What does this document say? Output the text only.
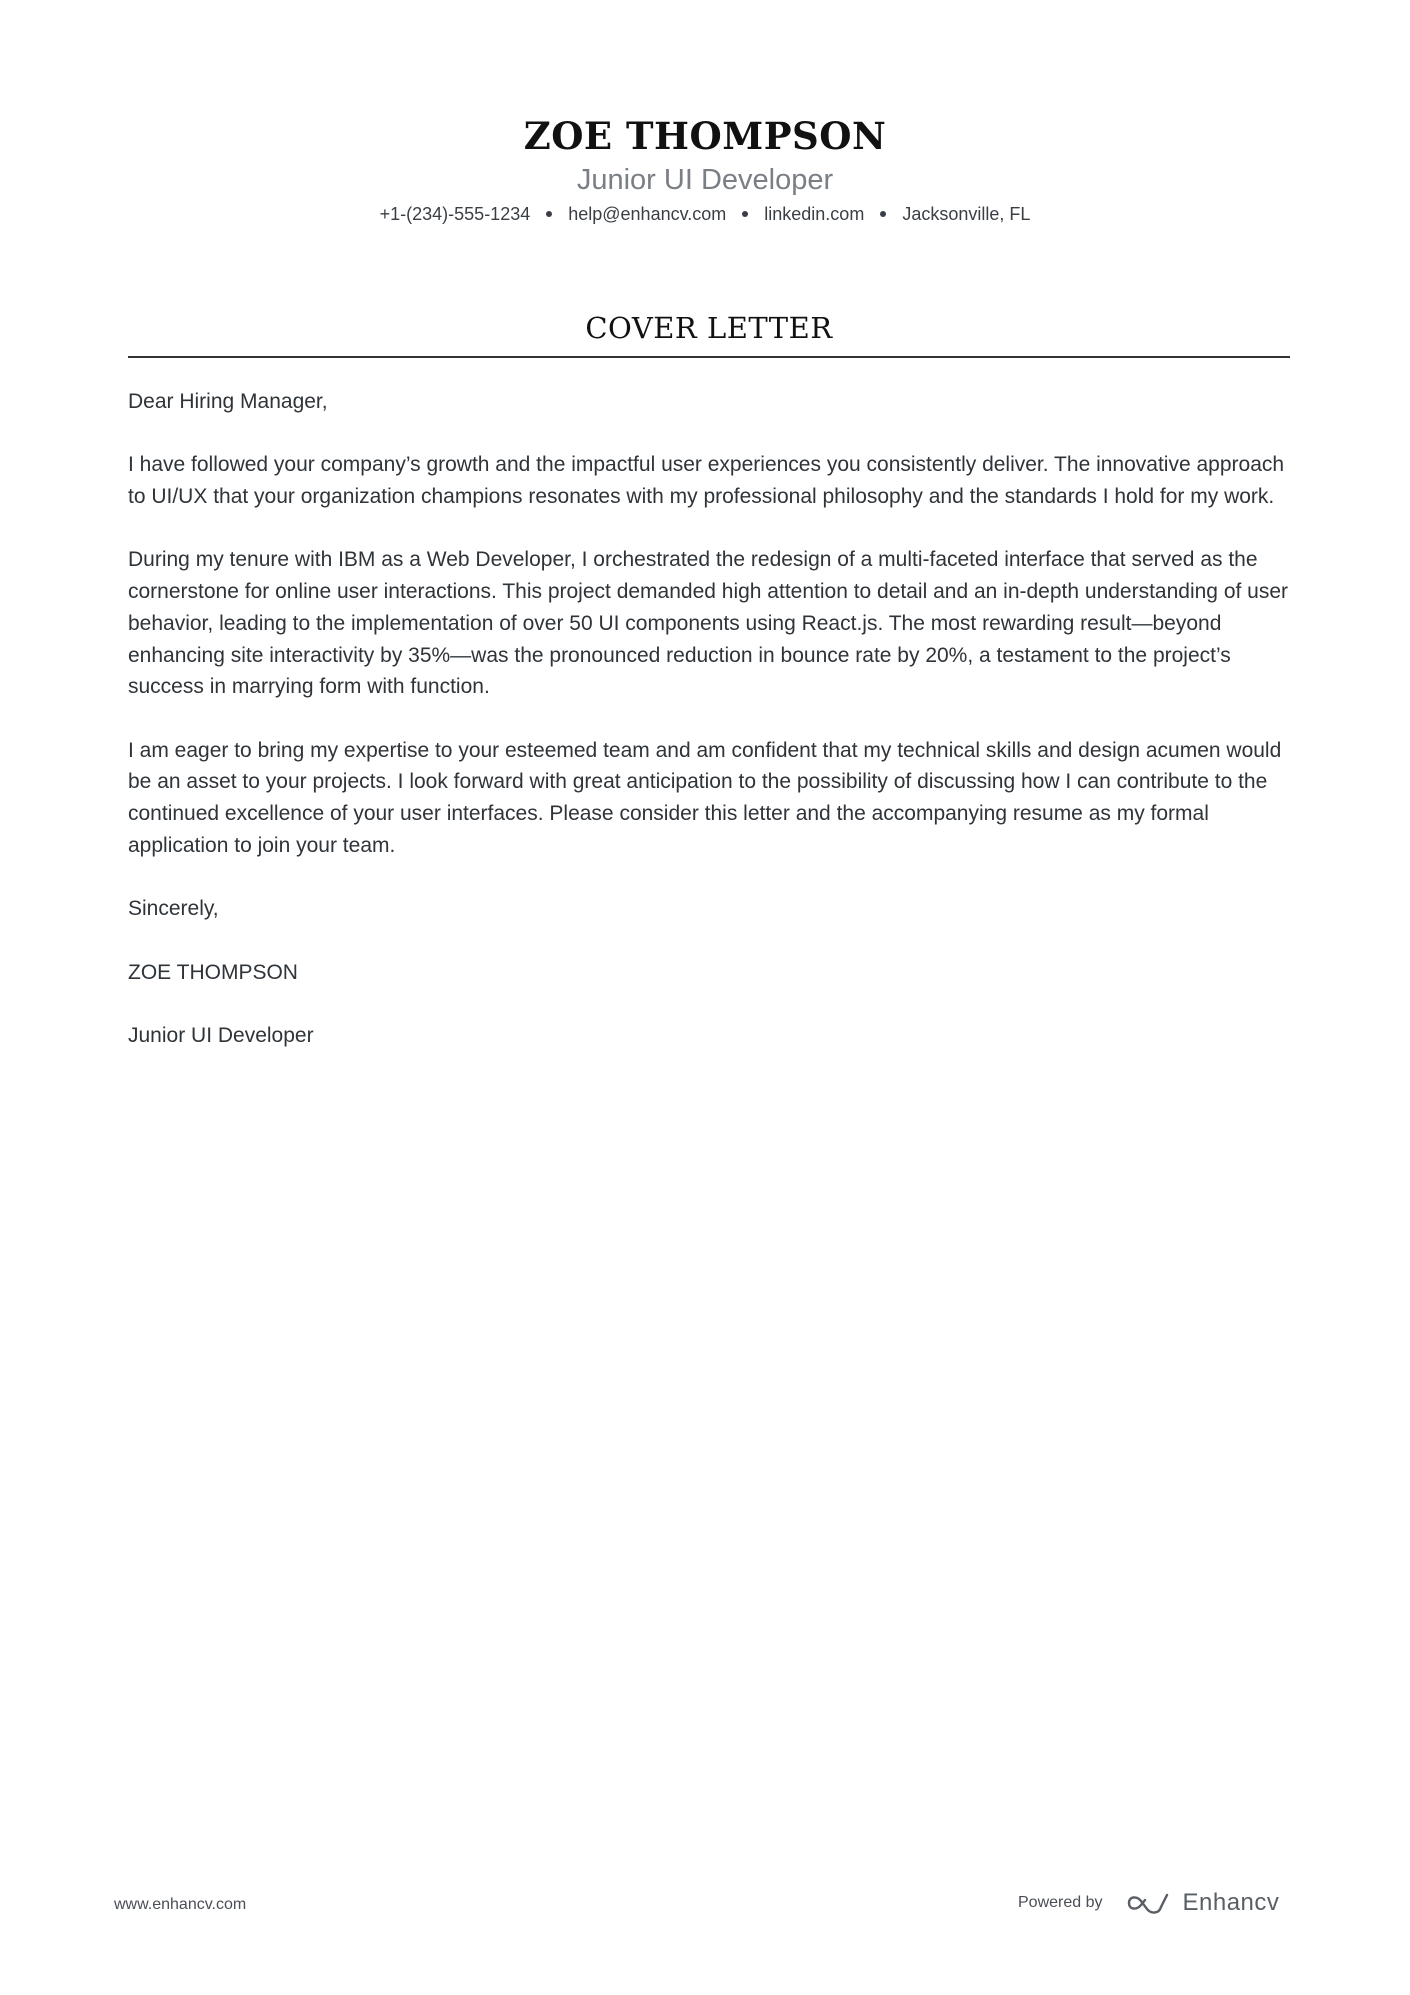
ZOE THOMPSON
Junior UI Developer
+1-(234)-555-1234 help@enhancv.com linkedin.com Jacksonville, FL
COVER LETTER

Dear Hiring Manager,

I have followed your company’s growth and the impactful user experiences you consistently deliver. The innovative approach to UI/UX that your organization champions resonates with my professional philosophy and the standards I hold for my work.

During my tenure with IBM as a Web Developer, I orchestrated the redesign of a multi-faceted interface that served as the cornerstone for online user interactions. This project demanded high attention to detail and an in-depth understanding of user behavior, leading to the implementation of over 50 UI components using React.js. The most rewarding result—beyond enhancing site interactivity by 35%—was the pronounced reduction in bounce rate by 20%, a testament to the project’s success in marrying form with function.

I am eager to bring my expertise to your esteemed team and am confident that my technical skills and design acumen would be an asset to your projects. I look forward with great anticipation to the possibility of discussing how I can contribute to the continued excellence of your user interfaces. Please consider this letter and the accompanying resume as my formal application to join your team.

Sincerely,

ZOE THOMPSON

Junior UI Developer

www.enhancv.com	Powered by	Enhancv
